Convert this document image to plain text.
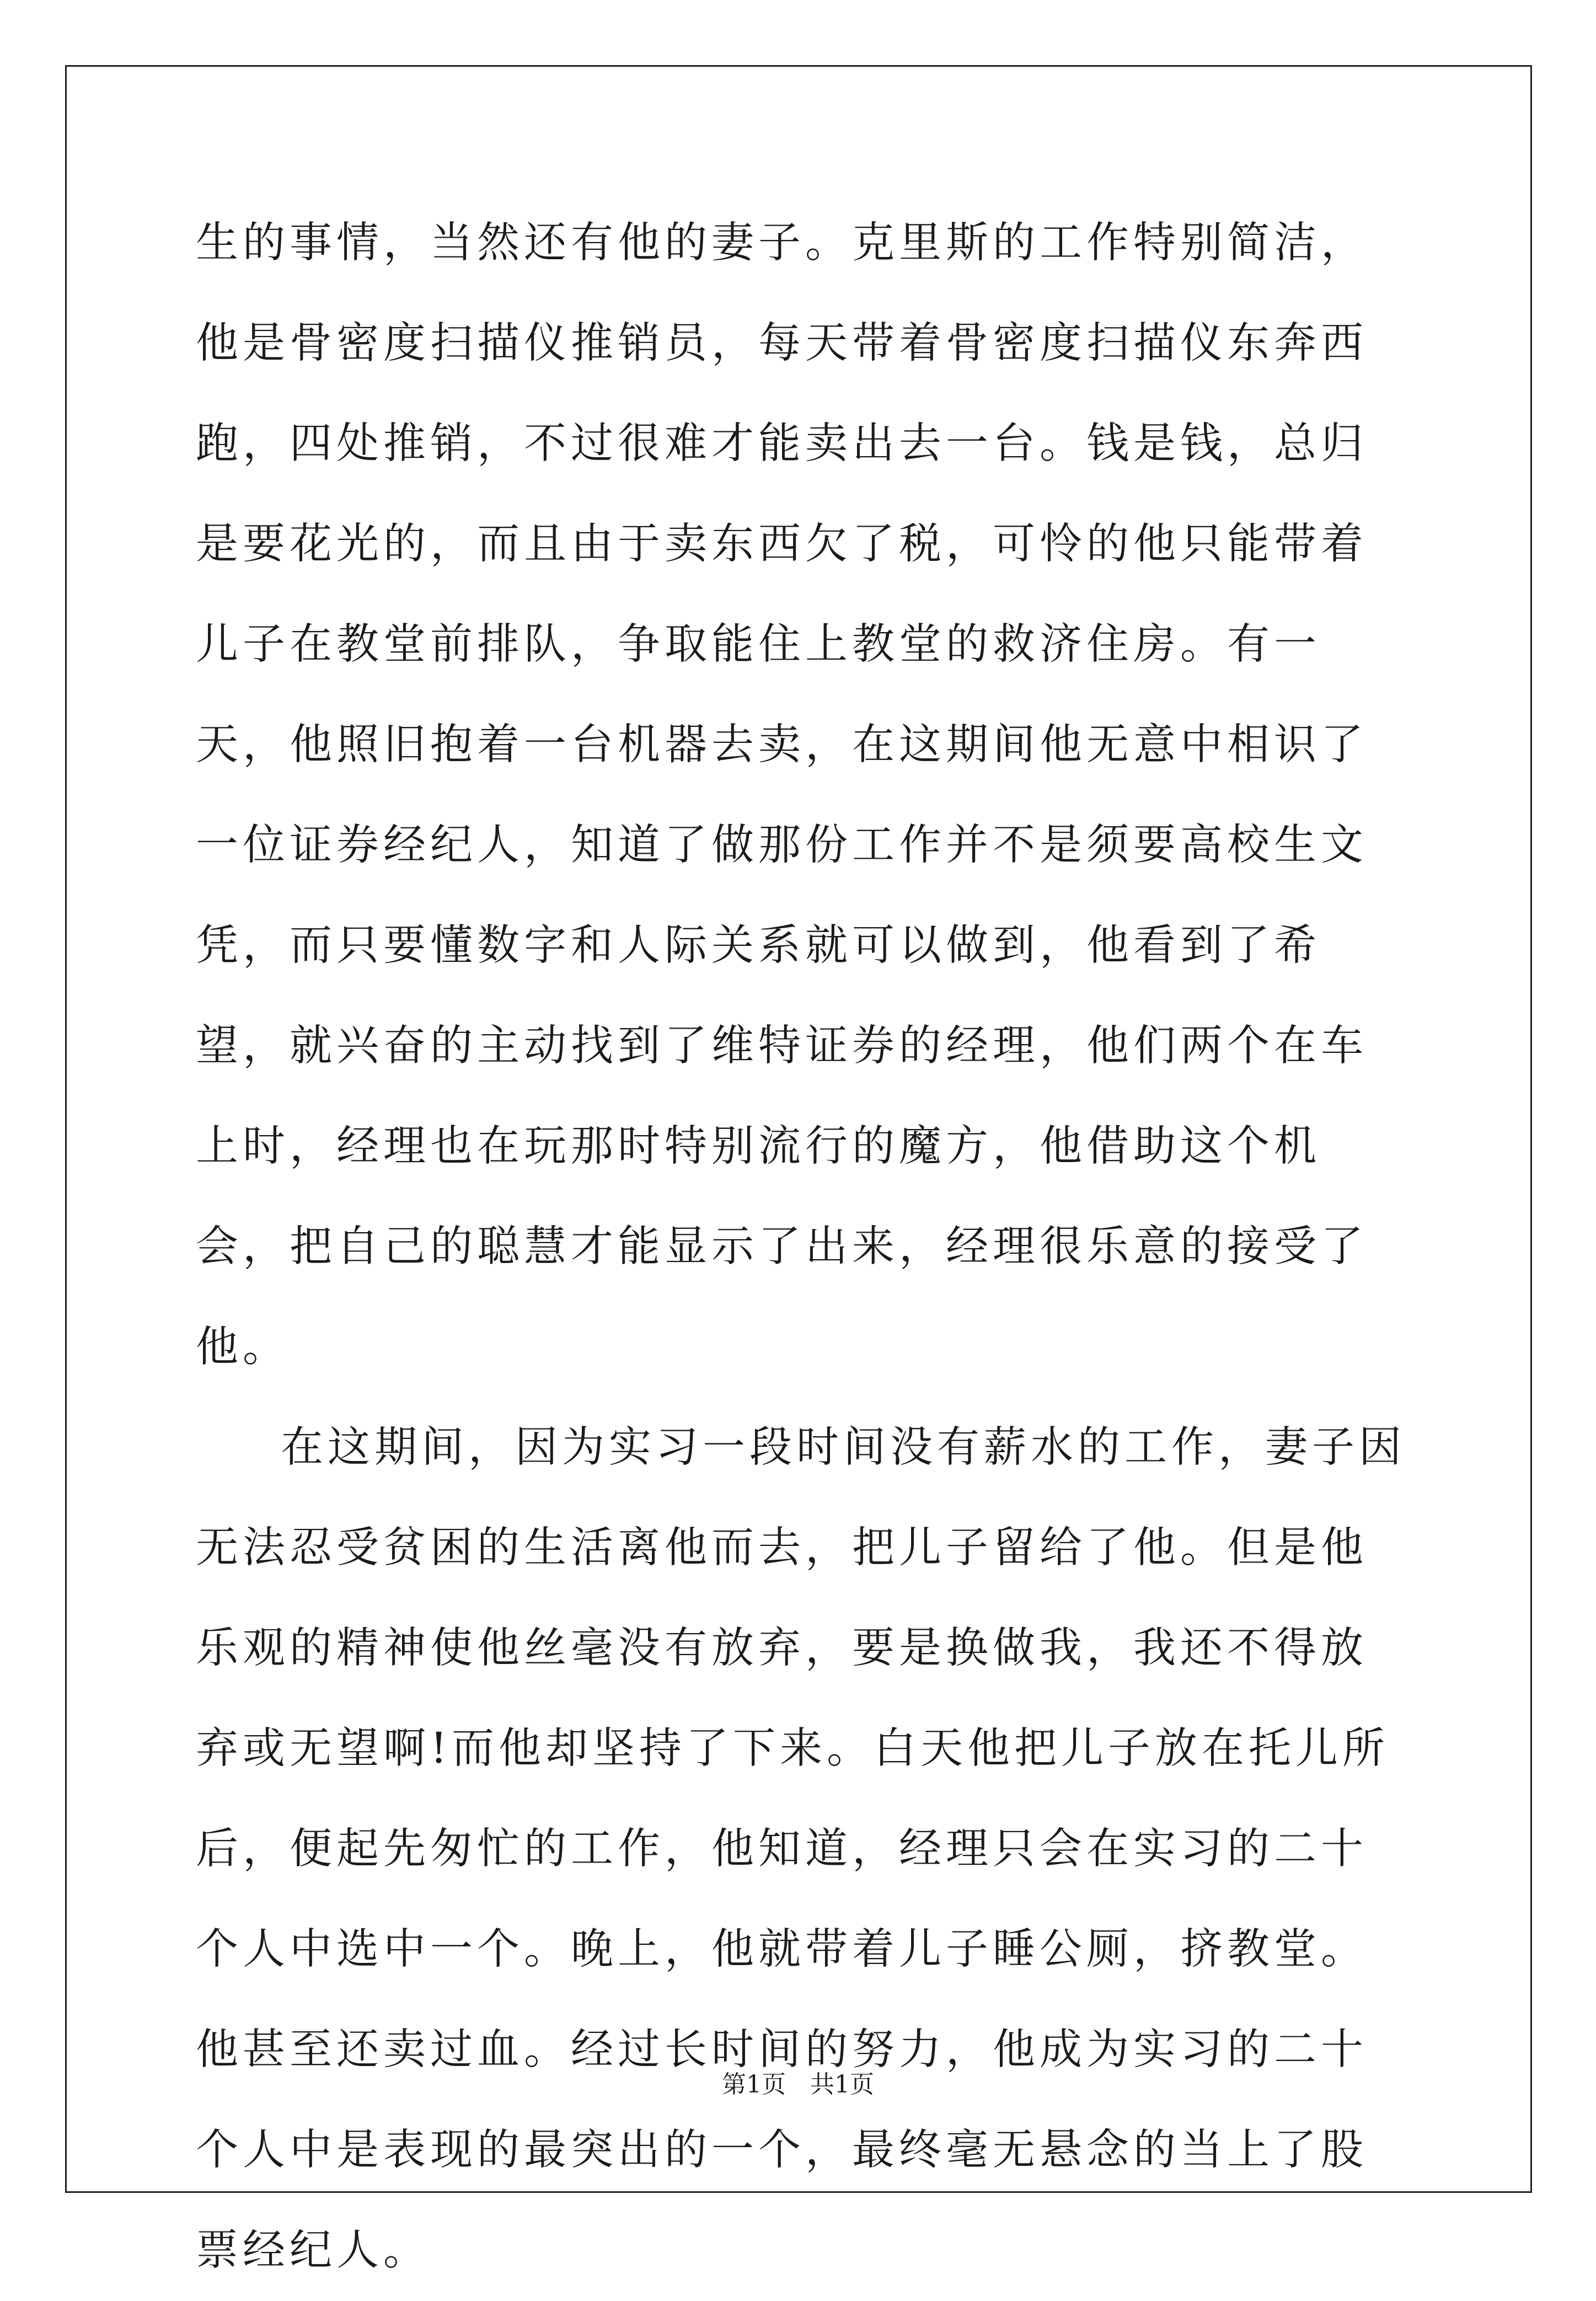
生的事情，当然还有他的妻子。克里斯的工作特别简洁，他是骨密度扫描仪推销员，每天带着骨密度扫描仪东奔西跑，四处推销，不过很难才能卖出去一台。钱是钱，总归是要花光的，而且由于卖东西欠了税，可怜的他只能带着儿子在教堂前排队，争取能住上教堂的救济住房。有一天，他照旧抱着一台机器去卖，在这期间他无意中相识了一位证券经纪人，知道了做那份工作并不是须要高校生文凭，而只要懂数字和人际关系就可以做到，他看到了希望，就兴奋的主动找到了维特证券的经理，他们两个在车上时，经理也在玩那时特别流行的魔方，他借助这个机会，把自己的聪慧才能显示了出来，经理很乐意的接受了他。

在这期间，因为实习一段时间没有薪水的工作，妻子因无法忍受贫困的生活离他而去，把儿子留给了他。但是他乐观的精神使他丝毫没有放弃，要是换做我，我还不得放弃或无望啊!而他却坚持了下来。白天他把儿子放在托儿所后，便起先匆忙的工作，他知道，经理只会在实习的二十个人中选中一个。晚上，他就带着儿子睡公厕，挤教堂。他甚至还卖过血。经过长时间的努力，他成为实习的二十个人中是表现的最突出的一个，最终毫无悬念的当上了股票经纪人。

第1页　共1页
